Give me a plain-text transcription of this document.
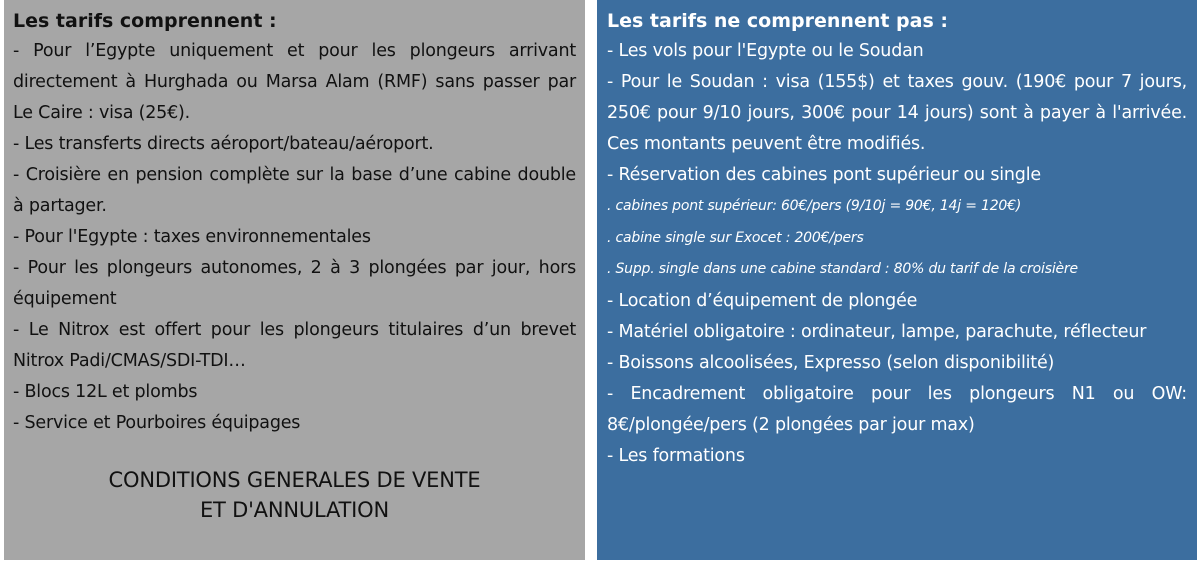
Les tarifs comprennent :

- Pour l’Egypte uniquement et pour les plongeurs arrivant directement à Hurghada ou Marsa Alam (RMF) sans passer par Le Caire : visa (25€).

- Les transferts directs aéroport/bateau/aéroport.

- Croisière en pension complète sur la base d’une cabine double à partager.

- Pour l'Egypte : taxes environnementales

- Pour les plongeurs autonomes, 2 à 3 plongées par jour, hors équipement

- Le Nitrox est offert pour les plongeurs titulaires d’un brevet Nitrox Padi/CMAS/SDI-TDI…

- Blocs 12L et plombs

- Service et Pourboires équipages

CONDITIONS GENERALES DE VENTE
ET D'ANNULATION
Les tarifs ne comprennent pas :

- Les vols pour l'Egypte ou le Soudan

- Pour le Soudan : visa (155$) et taxes gouv. (190€ pour 7 jours, 250€ pour 9/10 jours, 300€ pour 14 jours) sont à payer à l'arrivée. Ces montants peuvent être modifiés.

- Réservation des cabines pont supérieur ou single

. cabines pont supérieur: 60€/pers (9/10j = 90€, 14j = 120€)

. cabine single sur Exocet : 200€/pers

. Supp. single dans une cabine standard : 80% du tarif de la croisière

- Location d’équipement de plongée

- Matériel obligatoire : ordinateur, lampe, parachute, réflecteur

- Boissons alcoolisées, Expresso (selon disponibilité)

- Encadrement obligatoire pour les plongeurs N1 ou OW: 8€/plongée/pers (2 plongées par jour max)

- Les formations
